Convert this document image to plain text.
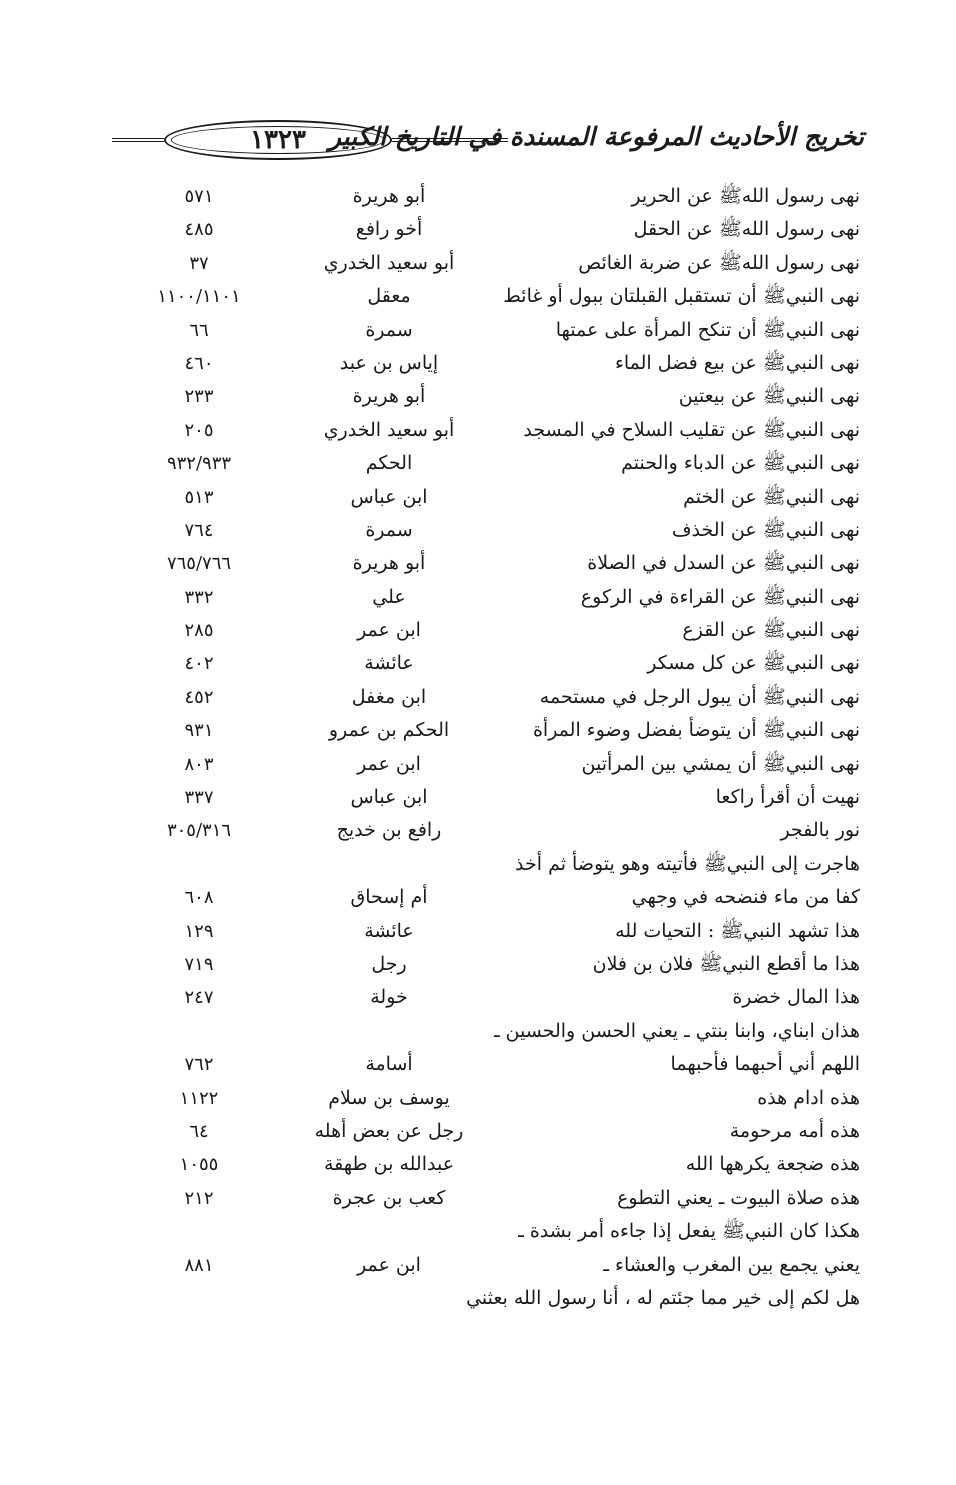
تخريج الأحاديث المرفوعة المسندة في التاريخ الكبير
١٣٢٣
نهى رسول اللهﷺ عن الحرير
أبو هريرة
٥٧١
نهى رسول اللهﷺ عن الحقل
أخو رافع
٤٨٥
نهى رسول اللهﷺ عن ضربة الغائص
أبو سعيد الخدري
٣٧
نهى النبيﷺ أن تستقبل القبلتان ببول أو غائط
معقل
١١٠٠/١١٠١
نهى النبيﷺ أن تنكح المرأة على عمتها
سمرة
٦٦
نهى النبيﷺ عن بيع فضل الماء
إياس بن عبد
٤٦٠
نهى النبيﷺ عن بيعتين
أبو هريرة
٢٣٣
نهى النبيﷺ عن تقليب السلاح في المسجد
أبو سعيد الخدري
٢٠٥
نهى النبيﷺ عن الدباء والحنتم
الحكم
٩٣٢/٩٣٣
نهى النبيﷺ عن الختم
ابن عباس
٥١٣
نهى النبيﷺ عن الخذف
سمرة
٧٦٤
نهى النبيﷺ عن السدل في الصلاة
أبو هريرة
٧٦٥/٧٦٦
نهى النبيﷺ عن القراءة في الركوع
علي
٣٣٢
نهى النبيﷺ عن القزع
ابن عمر
٢٨٥
نهى النبيﷺ عن كل مسكر
عائشة
٤٠٢
نهى النبيﷺ أن يبول الرجل في مستحمه
ابن مغفل
٤٥٢
نهى النبيﷺ أن يتوضأ بفضل وضوء المرأة
الحكم بن عمرو
٩٣١
نهى النبيﷺ أن يمشي بين المرأتين
ابن عمر
٨٠٣
نهيت أن أقرأ راكعا
ابن عباس
٣٣٧
نور بالفجر
رافع بن خديج
٣٠٥/٣١٦
هاجرت إلى النبيﷺ فأتيته وهو يتوضأ ثم أخذ
كفا من ماء فنضحه في وجهي
أم إسحاق
٦٠٨
هذا تشهد النبيﷺ : التحيات لله
عائشة
١٢٩
هذا ما أقطع النبيﷺ فلان بن فلان
رجل
٧١٩
هذا المال خضرة
خولة
٢٤٧
هذان ابناي، وابنا بنتي ـ يعني الحسن والحسين ـ
اللهم أني أحبهما فأحبهما
أسامة
٧٦٢
هذه ادام هذه
يوسف بن سلام
١١٢٢
هذه أمه مرحومة
رجل عن بعض أهله
٦٤
هذه ضجعة يكرهها الله
عبدالله بن طهقة
١٠٥٥
هذه صلاة البيوت ـ يعني التطوع
كعب بن عجرة
٢١٢
هكذا كان النبيﷺ يفعل إذا جاءه أمر بشدة ـ
يعني يجمع بين المغرب والعشاء ـ
ابن عمر
٨٨١
هل لكم إلى خير مما جئتم له ، أنا رسول الله بعثني
